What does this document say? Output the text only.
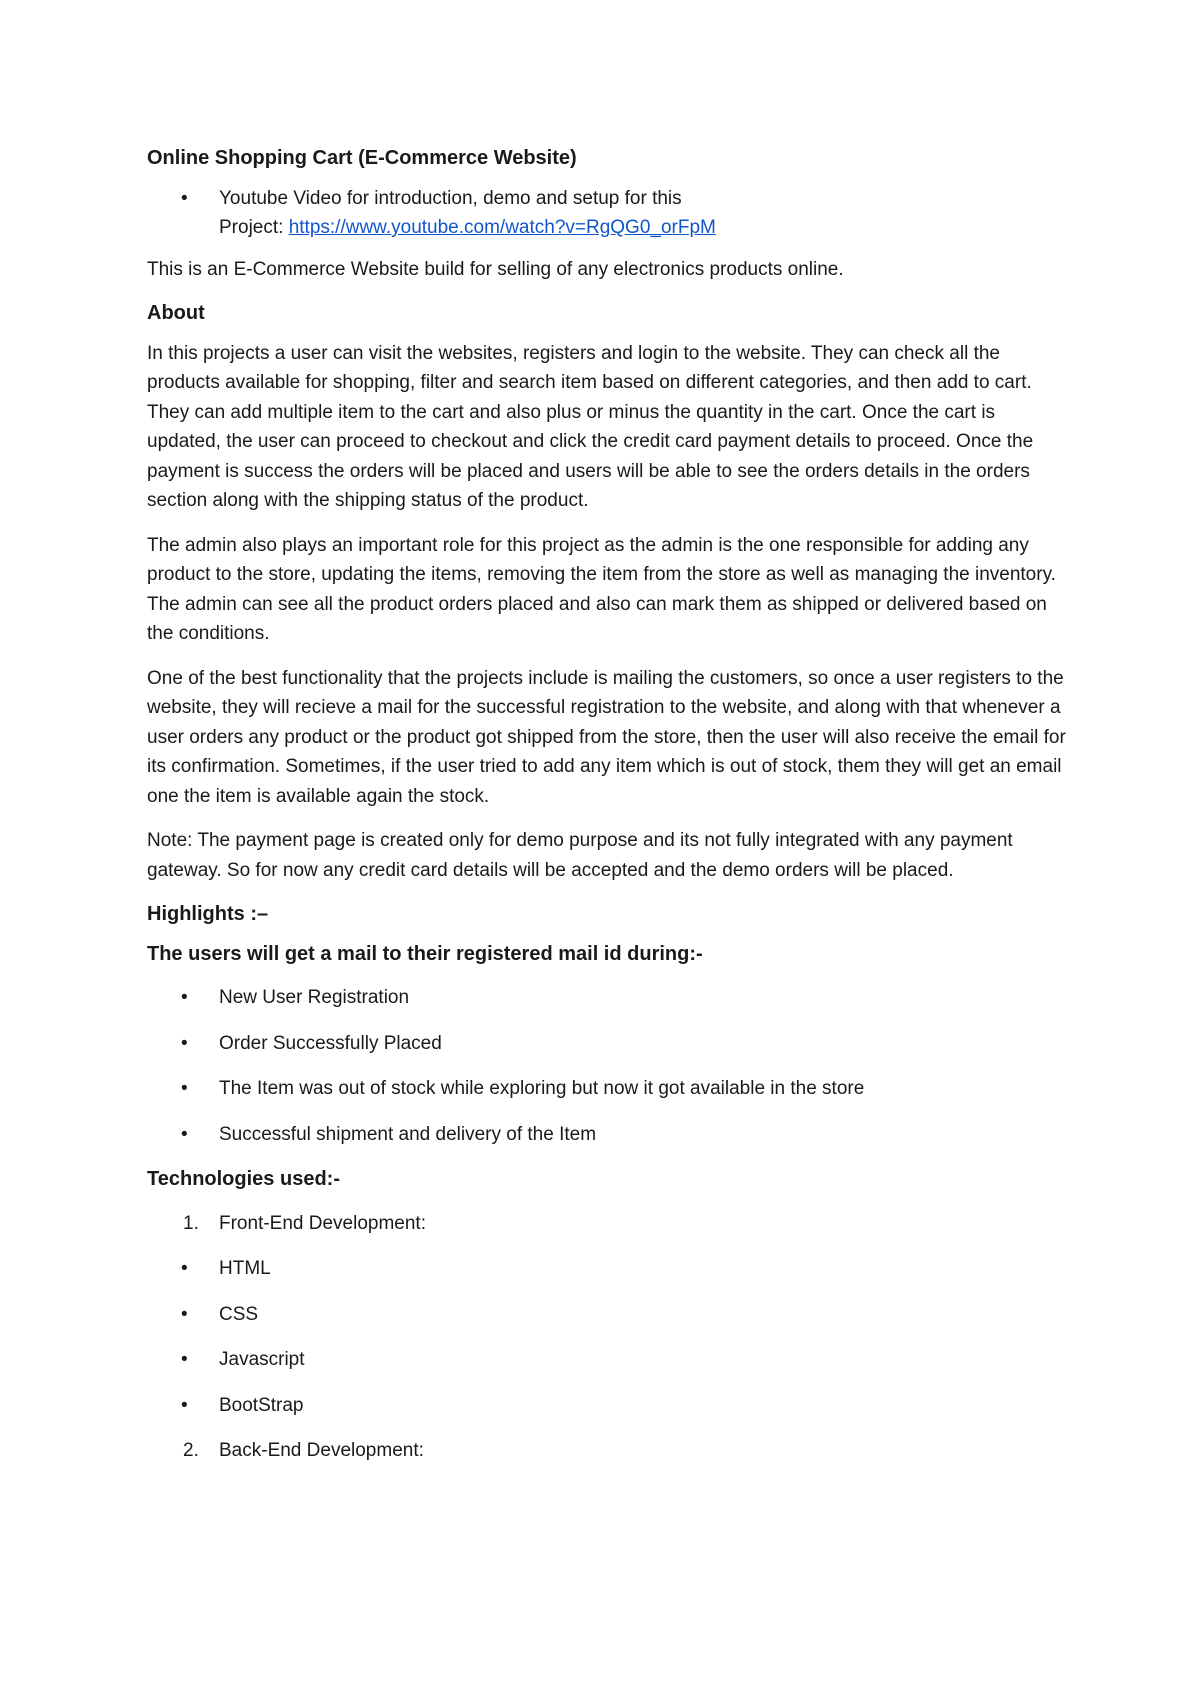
Online Shopping Cart (E-Commerce Website)
• Youtube Video for introduction, demo and setup for this
Project: https://www.youtube.com/watch?v=RgQG0_orFpM

This is an E-Commerce Website build for selling of any electronics products online.

About

In this projects a user can visit the websites, registers and login to the website. They can check all the products available for shopping, filter and search item based on different categories, and then add to cart. They can add multiple item to the cart and also plus or minus the quantity in the cart. Once the cart is updated, the user can proceed to checkout and click the credit card payment details to proceed. Once the payment is success the orders will be placed and users will be able to see the orders details in the orders section along with the shipping status of the product.

The admin also plays an important role for this project as the admin is the one responsible for adding any product to the store, updating the items, removing the item from the store as well as managing the inventory. The admin can see all the product orders placed and also can mark them as shipped or delivered based on the conditions.

One of the best functionality that the projects include is mailing the customers, so once a user registers to the website, they will recieve a mail for the successful registration to the website, and along with that whenever a user orders any product or the product got shipped from the store, then the user will also receive the email for its confirmation. Sometimes, if the user tried to add any item which is out of stock, them they will get an email one the item is available again the stock.

Note: The payment page is created only for demo purpose and its not fully integrated with any payment gateway. So for now any credit card details will be accepted and the demo orders will be placed.

Highlights :–
The users will get a mail to their registered mail id during:-
• New User Registration
• Order Successfully Placed
• The Item was out of stock while exploring but now it got available in the store
• Successful shipment and delivery of the Item
Technologies used:-
1. Front-End Development:
• HTML
• CSS
• Javascript
• BootStrap
2. Back-End Development:
